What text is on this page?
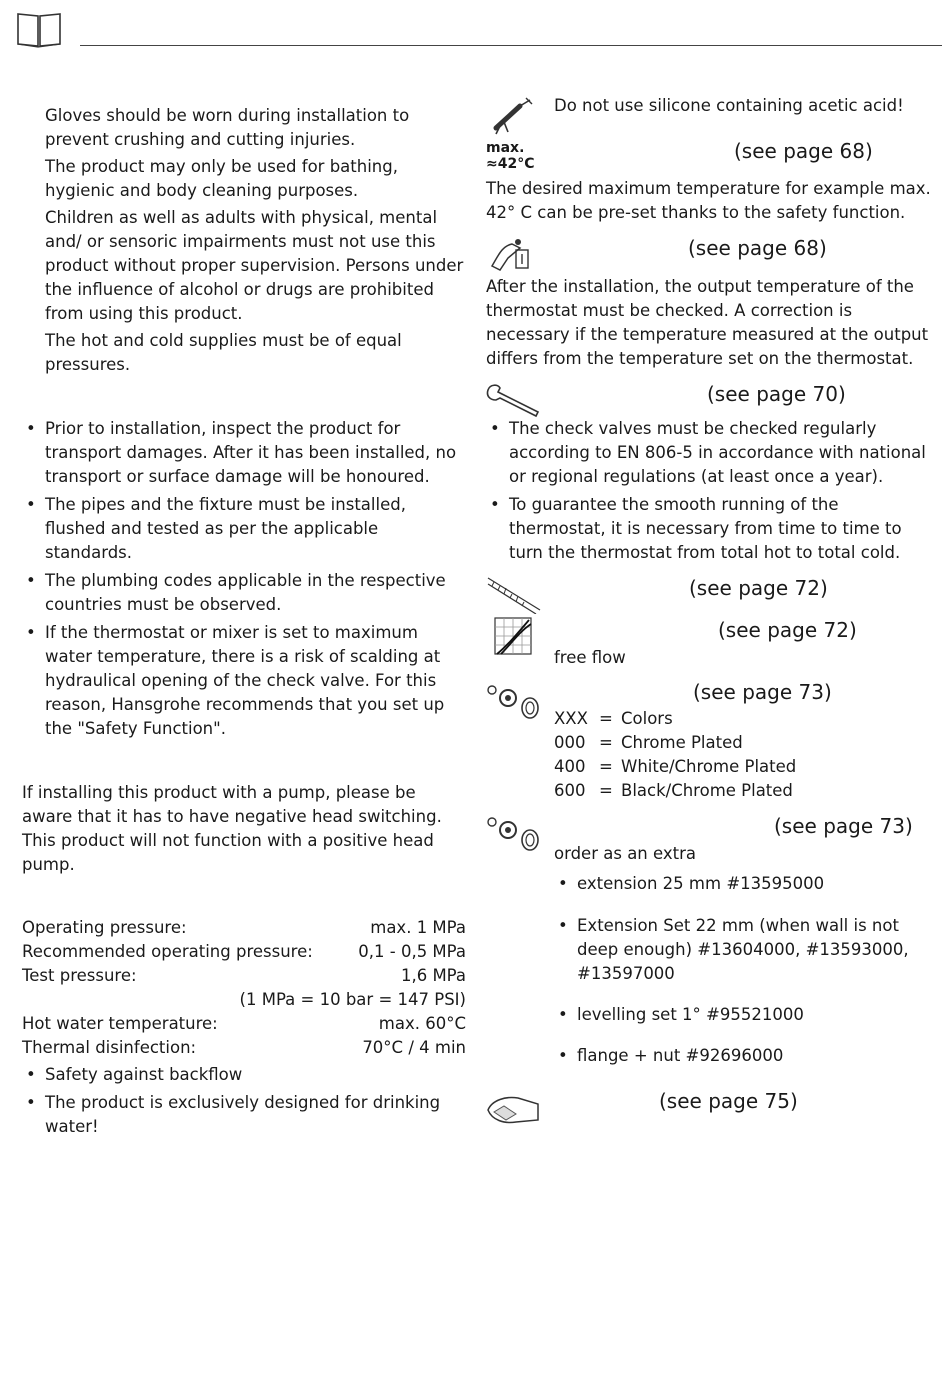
Gloves should be worn during installation to prevent crushing and cutting injuries.

The product may only be used for bathing, hygienic and body cleaning purposes.

Children as well as adults with physical, mental and/ or sensoric impairments must not use this product without proper supervision. Persons under the influence of alcohol or drugs are prohibited from using this product.

The hot and cold supplies must be of equal pressures.

• Prior to installation, inspect the product for transport damages. After it has been installed, no transport or surface damage will be honoured.

• The pipes and the fixture must be installed, flushed and tested as per the applicable standards.

• The plumbing codes applicable in the respective countries must be observed.

• If the thermostat or mixer is set to maximum water temperature, there is a risk of scalding at hydraulical opening of the check valve. For this reason, Hansgrohe recommends that you set up the "Safety Function".

If installing this product with a pump, please be aware that it has to have negative head switching. This product will not function with a positive head pump.

Operating pressure:	max. 1 MPa
Recommended operating pressure:	0,1 - 0,5 MPa
Test pressure:	1,6 MPa
(1 MPa = 10 bar = 147 PSI)
Hot water temperature:	max. 60°C
Thermal disinfection:	70°C / 4 min

• Safety against backflow

• The product is exclusively designed for drinking water!

Do not use silicone containing acetic acid!
max.
≈42°C
(see page 68)
The desired maximum temperature for example max. 42° C can be pre-set thanks to the safety function.
(see page 68)
After the installation, the output temperature of the thermostat must be checked. A correction is necessary if the temperature measured at the output differs from the temperature set on the thermostat.
(see page 70)

• The check valves must be checked regularly according to EN 806-5 in accordance with national or regional regulations (at least once a year).

• To guarantee the smooth running of the thermostat, it is necessary from time to time to turn the thermostat from total hot to total cold.

(see page 72)
(see page 72)
free flow
(see page 73)
XXX = Colors
000 = Chrome Plated
400 = White/Chrome Plated
600 = Black/Chrome Plated
(see page 73)
order as an extra

• extension 25 mm #13595000

• Extension Set 22 mm (when wall is not deep enough) #13604000, #13593000, #13597000

• levelling set 1° #95521000

• flange + nut #92696000

(see page 75)
